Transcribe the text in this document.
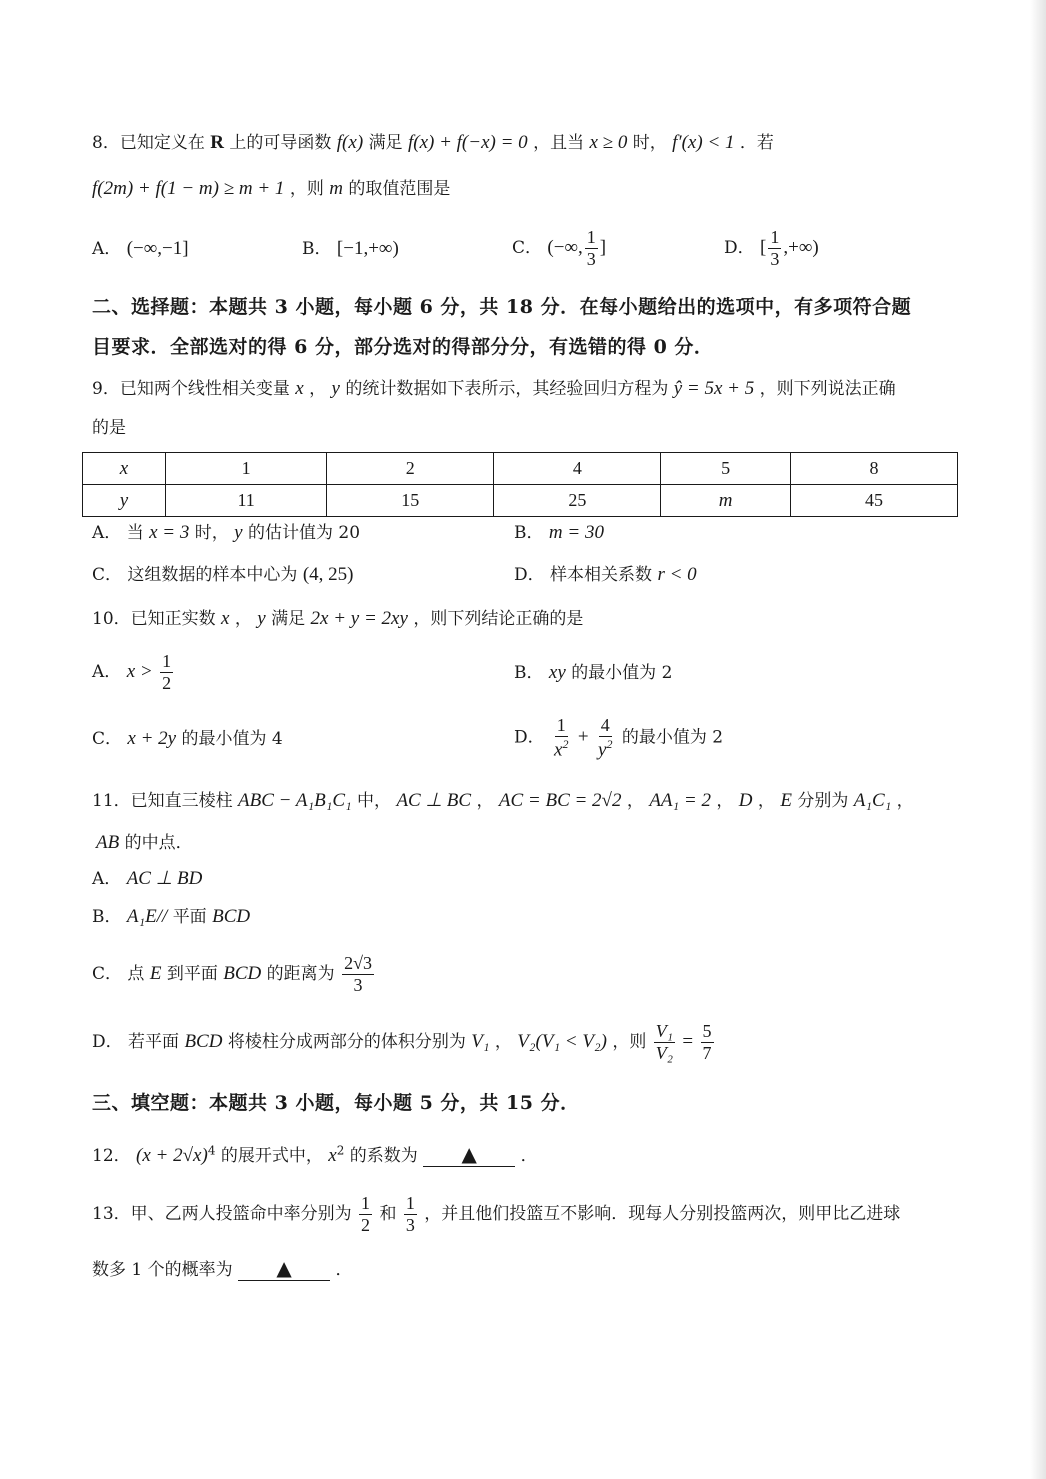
8．已知定义在 R 上的可导函数 f(x) 满足 f(x) + f(−x) = 0 ，且当 x ≥ 0 时， f′(x) < 1 ．若
f(2m) + f(1 − m) ≥ m + 1 ，则 m 的取值范围是
A． (−∞,−1]	B． [−1,+∞)	C． (−∞, $\frac{1}{3}$ ]	D． [ $\frac{1}{3}$ ,+∞)
二、选择题：本题共 3 小题，每小题 6 分，共 18 分．在每小题给出的选项中，有多项符合题
目要求．全部选对的得 6 分，部分选对的得部分分，有选错的得 0 分．
9．已知两个线性相关变量 x ， y 的统计数据如下表所示，其经验回归方程为 ŷ = 5x + 5 ，则下列说法正确
的是
x	1	2	4	5	8
y	11	15	25	m	45
A． 当 x = 3 时， y 的估计值为 20	B． m = 30
C． 这组数据的样本中心为 (4, 25)	D． 样本相关系数 r < 0
10．已知正实数 x ， y 满足 2x + y = 2xy ，则下列结论正确的是
A． $x > \frac{1}{2}$	B． xy 的最小值为 2
C． x + 2y 的最小值为 4	D． $\frac{1}{x^2} + \frac{4}{y^2}$ 的最小值为 2
11．已知直三棱柱 ABC − A₁B₁C₁ 中， AC ⊥ BC ， AC = BC = 2√2 ， AA₁ = 2 ， D ， E 分别为 A₁C₁ ，
AB 的中点．
A． AC ⊥ BD
B． A₁E// 平面 BCD
C． 点 E 到平面 BCD 的距离为 $\frac{2√3}{3}$
D． 若平面 BCD 将棱柱分成两部分的体积分别为 V₁ ， V₂(V₁ < V₂) ，则 $\frac{\text{V₁}}{\text{V₂}} = \frac{5}{7}$
三、填空题：本题共 3 小题，每小题 5 分，共 15 分．
12． $(x + 2√x)^4$ 的展开式中， $x^2$ 的系数为 ▲	．
13．甲、乙两人投篮命中率分别为 $\frac{1}{2}$ 和 $\frac{1}{3}$ ，并且他们投篮互不影响．现每人分别投篮两次，则甲比乙进球
数多 1 个的概率为 ▲	．
